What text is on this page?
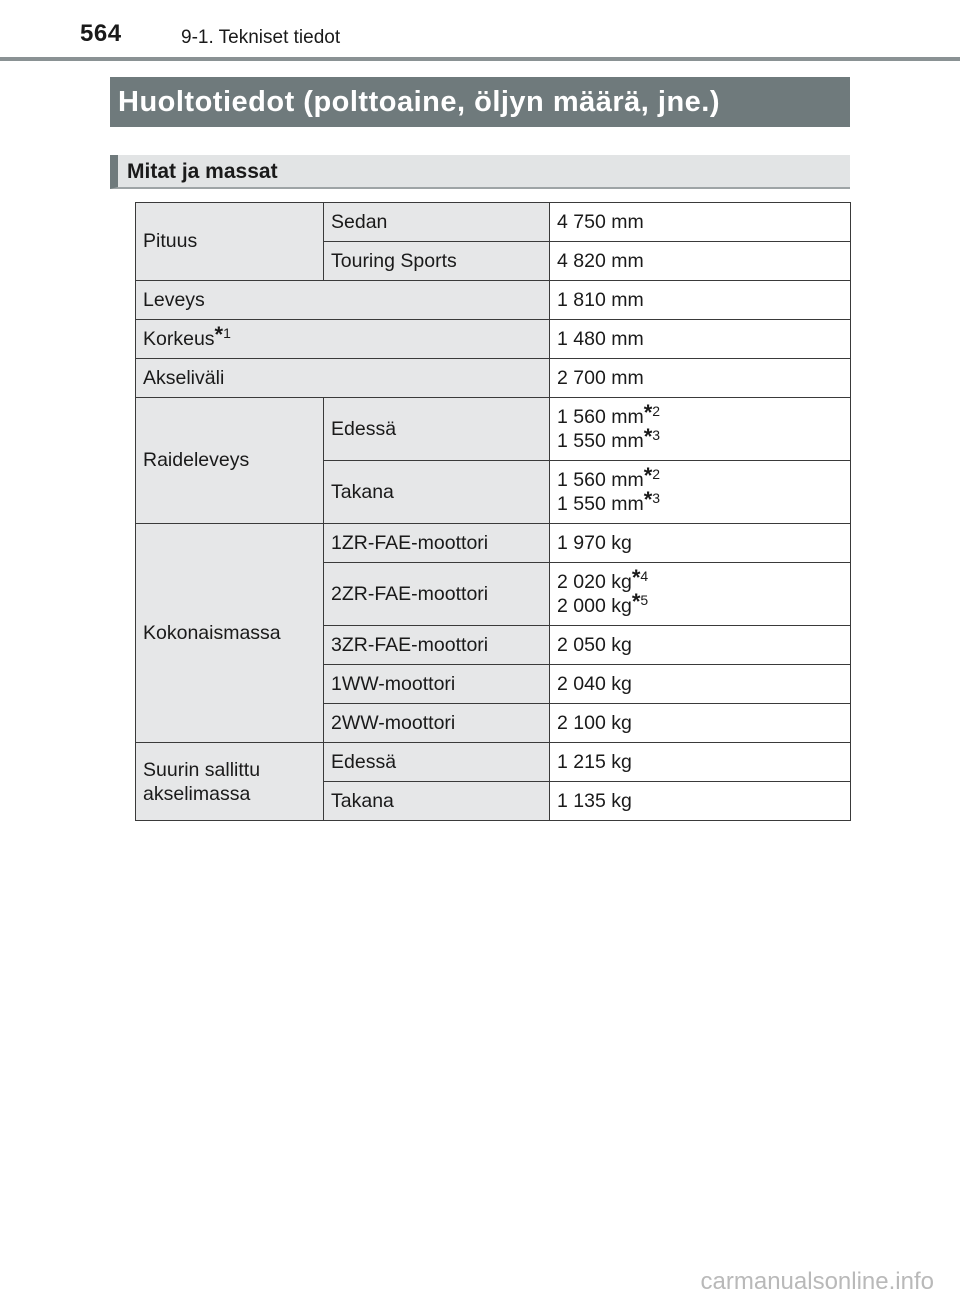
564	9-1. Tekniset tiedot
Huoltotiedot (polttoaine, öljyn määrä, jne.)
Mitat ja massat
Pituus	Sedan	4 750 mm
	Touring Sports	4 820 mm
Leveys		1 810 mm
Korkeus*$^1$		1 480 mm
Akseliväli		2 700 mm
Raideleveys	Edessä	1 560 mm*$^2$
1 550 mm*$^3$

	Takana	1 560 mm*$^2$
1 550 mm*$^3$

Kokonaismassa	1ZR-FAE-moottori	1 970 kg
	2ZR-FAE-moottori	2 020 kg*$^4$
2 000 kg*$^5$

	3ZR-FAE-moottori	2 050 kg
	1WW-moottori	2 040 kg
	2WW-moottori	2 100 kg

Suurin sallittu
akselimassa	Edessä	1 215 kg
	Takana	1 135 kg
carmanualsonline.info
